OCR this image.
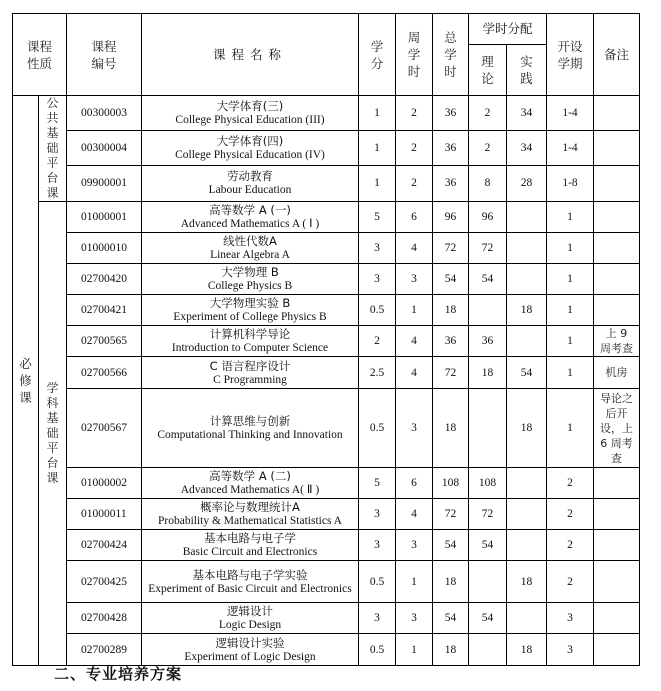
课程性质		课程编号	课程名称	学分	周学时	总学时	学时分配		开设学期	备注

							理论	实践		

必修课	公共基础平台课	00300003	大学体育(三)
College Physical Education (III)	1	2	36	2	34	1-4	

		00300004	大学体育(四)
College Physical Education (IV)	1	2	36	2	34	1-4	

		09900001	劳动教育
Labour Education	1	2	36	8	28	1-8	

	学科基础平台课	01000001	高等数学 A (一)
Advanced Mathematics A ( Ⅰ )	5	6	96	96		1	

		01000010	线性代数A
Linear Algebra A	3	4	72	72		1	

		02700420	大学物理 B
College Physics B	3	3	54	54		1	

		02700421	大学物理实验 B
Experiment of College Physics B	0.5	1	18		18	1	

		02700565	计算机科学导论
Introduction to Computer Science	2	4	36	36		1	上 9 周考查

		02700566	C 语言程序设计
C Programming	2.5	4	72	18	54	1	机房

		02700567	计算思维与创新
Computational Thinking and Innovation	0.5	3	18		18	1	导论之后开设，上 6 周考查

		01000002	高等数学 A (二)
Advanced Mathematics A( Ⅱ )	5	6	108	108		2	

		01000011	概率论与数理统计A
Probability & Mathematical Statistics A	3	4	72	72		2	

		02700424	基本电路与电子学
Basic Circuit and Electronics	3	3	54	54		2	

		02700425	基本电路与电子学实验
Experiment of Basic Circuit and Electronics	0.5	1	18		18	2	

		02700428	逻辑设计
Logic Design	3	3	54	54		3	

		02700289	逻辑设计实验
Experiment of Logic Design	0.5	1	18		18	3	
二、专业培养方案
